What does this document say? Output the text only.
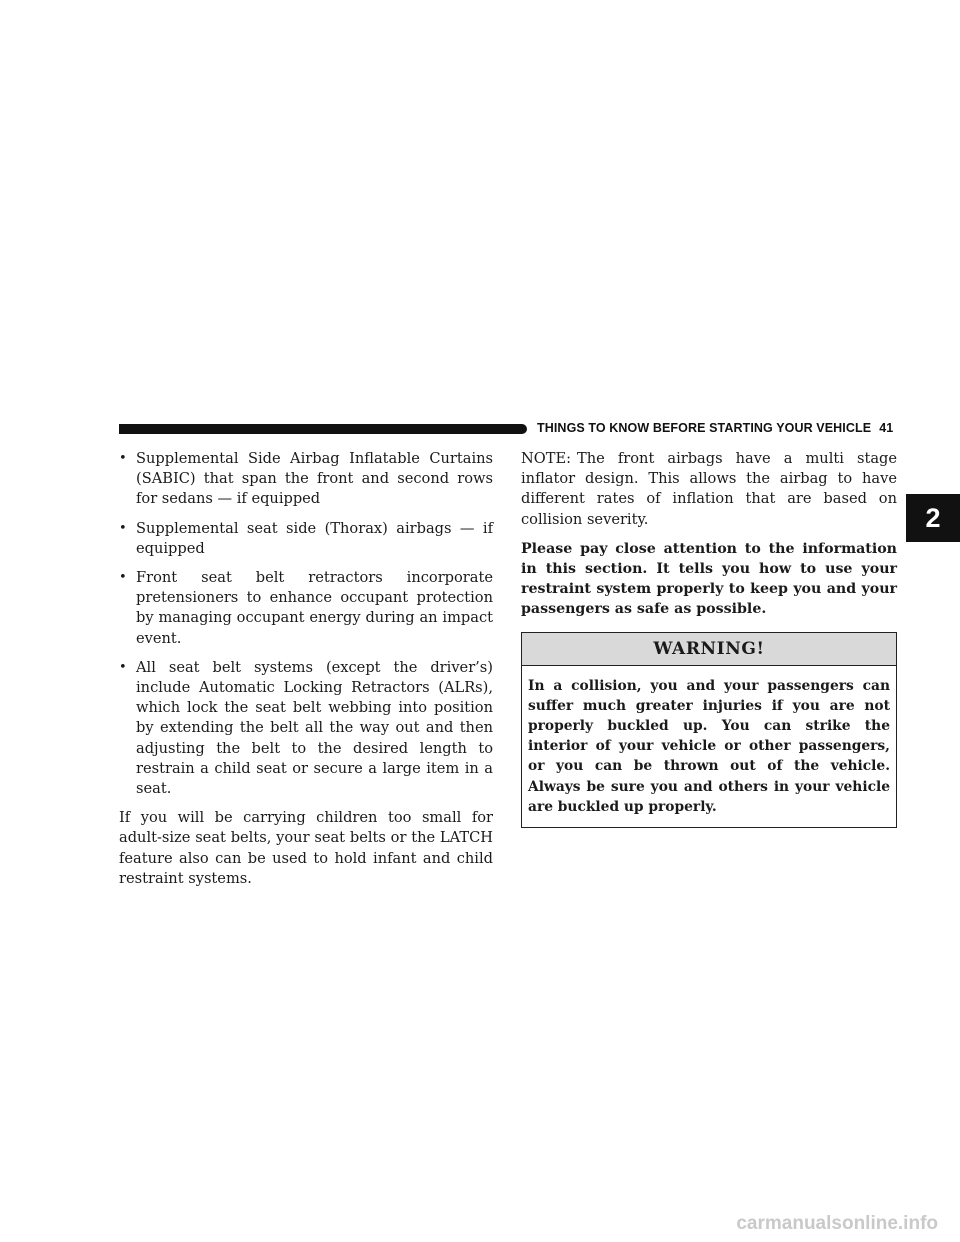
THINGS TO KNOW BEFORE STARTING YOUR VEHICLE 41
2
• Supplemental Side Airbag Inflatable Curtains (SABIC) that span the front and second rows for sedans — if equipped
• Supplemental seat side (Thorax) airbags — if equipped
• Front seat belt retractors incorporate pretensioners to enhance occupant protection by managing occupant energy during an impact event.
• All seat belt systems (except the driver’s) include Automatic Locking Retractors (ALRs), which lock the seat belt webbing into position by extending the belt all the way out and then adjusting the belt to the desired length to restrain a child seat or secure a large item in a seat.

If you will be carrying children too small for adult-size seat belts, your seat belts or the LATCH feature also can be used to hold infant and child restraint systems.

NOTE: The front airbags have a multi stage inflator design. This allows the airbag to have different rates of inflation that are based on collision severity.

Please pay close attention to the information in this section. It tells you how to use your restraint system properly to keep you and your passengers as safe as possible.

WARNING!
In a collision, you and your passengers can suffer much greater injuries if you are not properly buckled up. You can strike the interior of your vehicle or other passengers, or you can be thrown out of the vehicle. Always be sure you and others in your vehicle are buckled up properly.
carmanualsonline.info
